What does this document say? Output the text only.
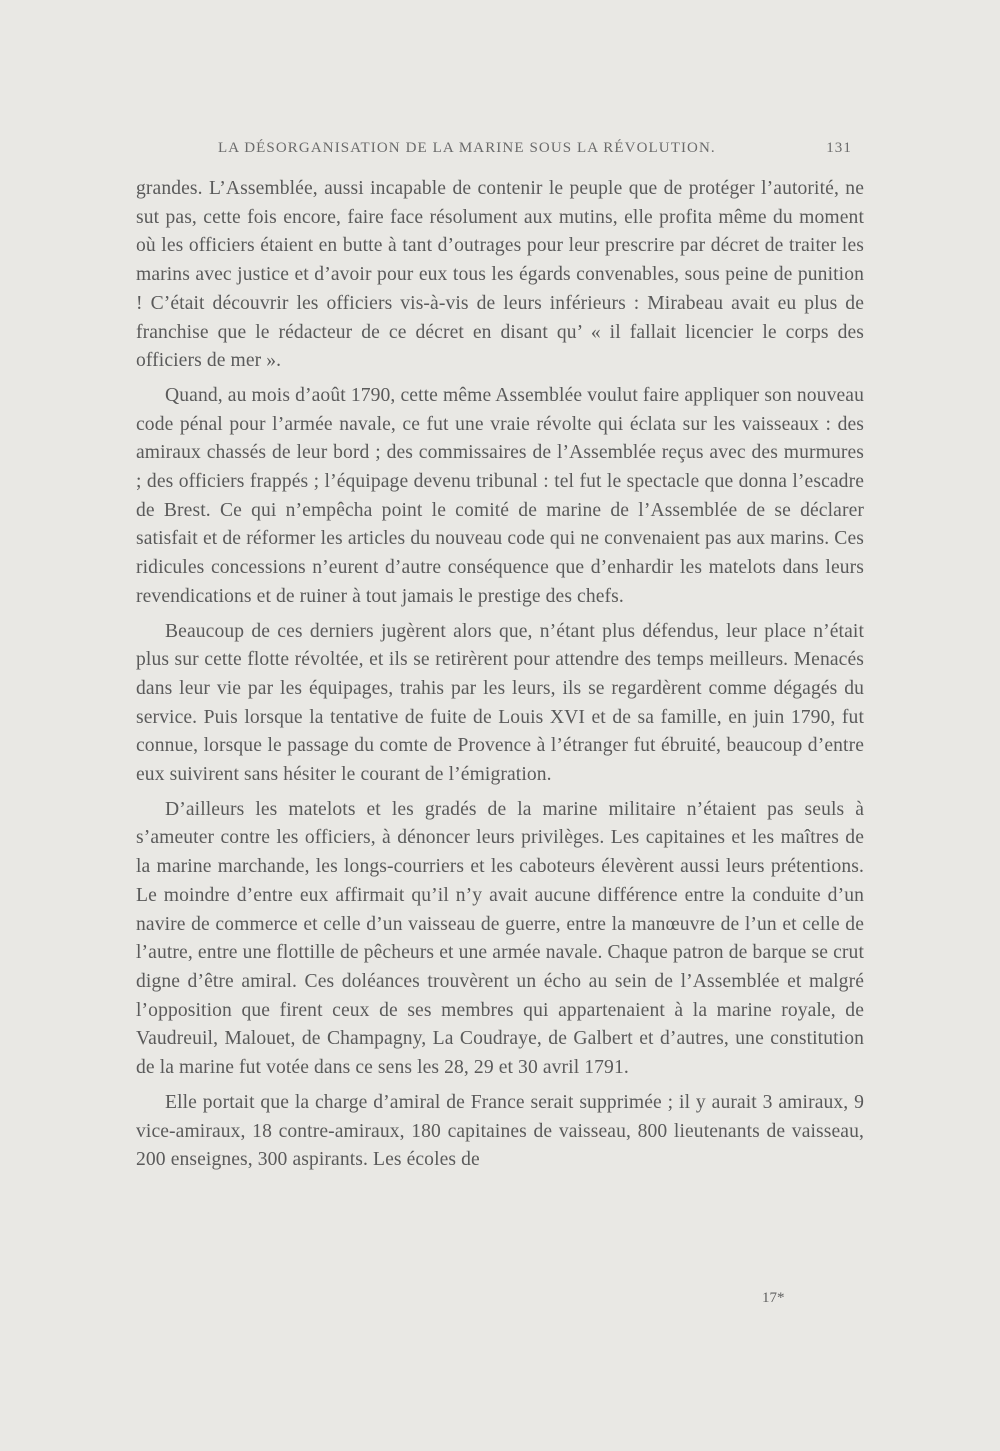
LA DÉSORGANISATION DE LA MARINE SOUS LA RÉVOLUTION.	131

grandes. L’Assemblée, aussi incapable de contenir le peuple que de protéger l’autorité, ne sut pas, cette fois encore, faire face résolument aux mutins, elle profita même du moment où les officiers étaient en butte à tant d’outrages pour leur prescrire par décret de traiter les marins avec justice et d’avoir pour eux tous les égards convenables, sous peine de punition ! C’était découvrir les officiers vis-à-vis de leurs inférieurs : Mirabeau avait eu plus de franchise que le rédacteur de ce décret en disant qu’ « il fallait licencier le corps des officiers de mer ».

Quand, au mois d’août 1790, cette même Assemblée voulut faire appliquer son nouveau code pénal pour l’armée navale, ce fut une vraie révolte qui éclata sur les vaisseaux : des amiraux chassés de leur bord ; des commissaires de l’Assemblée reçus avec des murmures ; des officiers frappés ; l’équipage devenu tribunal : tel fut le spectacle que donna l’escadre de Brest. Ce qui n’empêcha point le comité de marine de l’Assemblée de se déclarer satisfait et de réformer les articles du nouveau code qui ne convenaient pas aux marins. Ces ridicules concessions n’eurent d’autre conséquence que d’enhardir les matelots dans leurs revendications et de ruiner à tout jamais le prestige des chefs.

Beaucoup de ces derniers jugèrent alors que, n’étant plus défendus, leur place n’était plus sur cette flotte révoltée, et ils se retirèrent pour attendre des temps meilleurs. Menacés dans leur vie par les équipages, trahis par les leurs, ils se regardèrent comme dégagés du service. Puis lorsque la tentative de fuite de Louis XVI et de sa famille, en juin 1790, fut connue, lorsque le passage du comte de Provence à l’étranger fut ébruité, beaucoup d’entre eux suivirent sans hésiter le courant de l’émigration.

D’ailleurs les matelots et les gradés de la marine militaire n’étaient pas seuls à s’ameuter contre les officiers, à dénoncer leurs privilèges. Les capitaines et les maîtres de la marine marchande, les longs-courriers et les caboteurs élevèrent aussi leurs prétentions. Le moindre d’entre eux affirmait qu’il n’y avait aucune différence entre la conduite d’un navire de commerce et celle d’un vaisseau de guerre, entre la manœuvre de l’un et celle de l’autre, entre une flottille de pêcheurs et une armée navale. Chaque patron de barque se crut digne d’être amiral. Ces doléances trouvèrent un écho au sein de l’Assemblée et malgré l’opposition que firent ceux de ses membres qui appartenaient à la marine royale, de Vaudreuil, Malouet, de Champagny, La Coudraye, de Galbert et d’autres, une constitution de la marine fut votée dans ce sens les 28, 29 et 30 avril 1791.

Elle portait que la charge d’amiral de France serait supprimée ; il y aurait 3 amiraux, 9 vice-amiraux, 18 contre-amiraux, 180 capitaines de vaisseau, 800 lieutenants de vaisseau, 200 enseignes, 300 aspirants. Les écoles de

17*
